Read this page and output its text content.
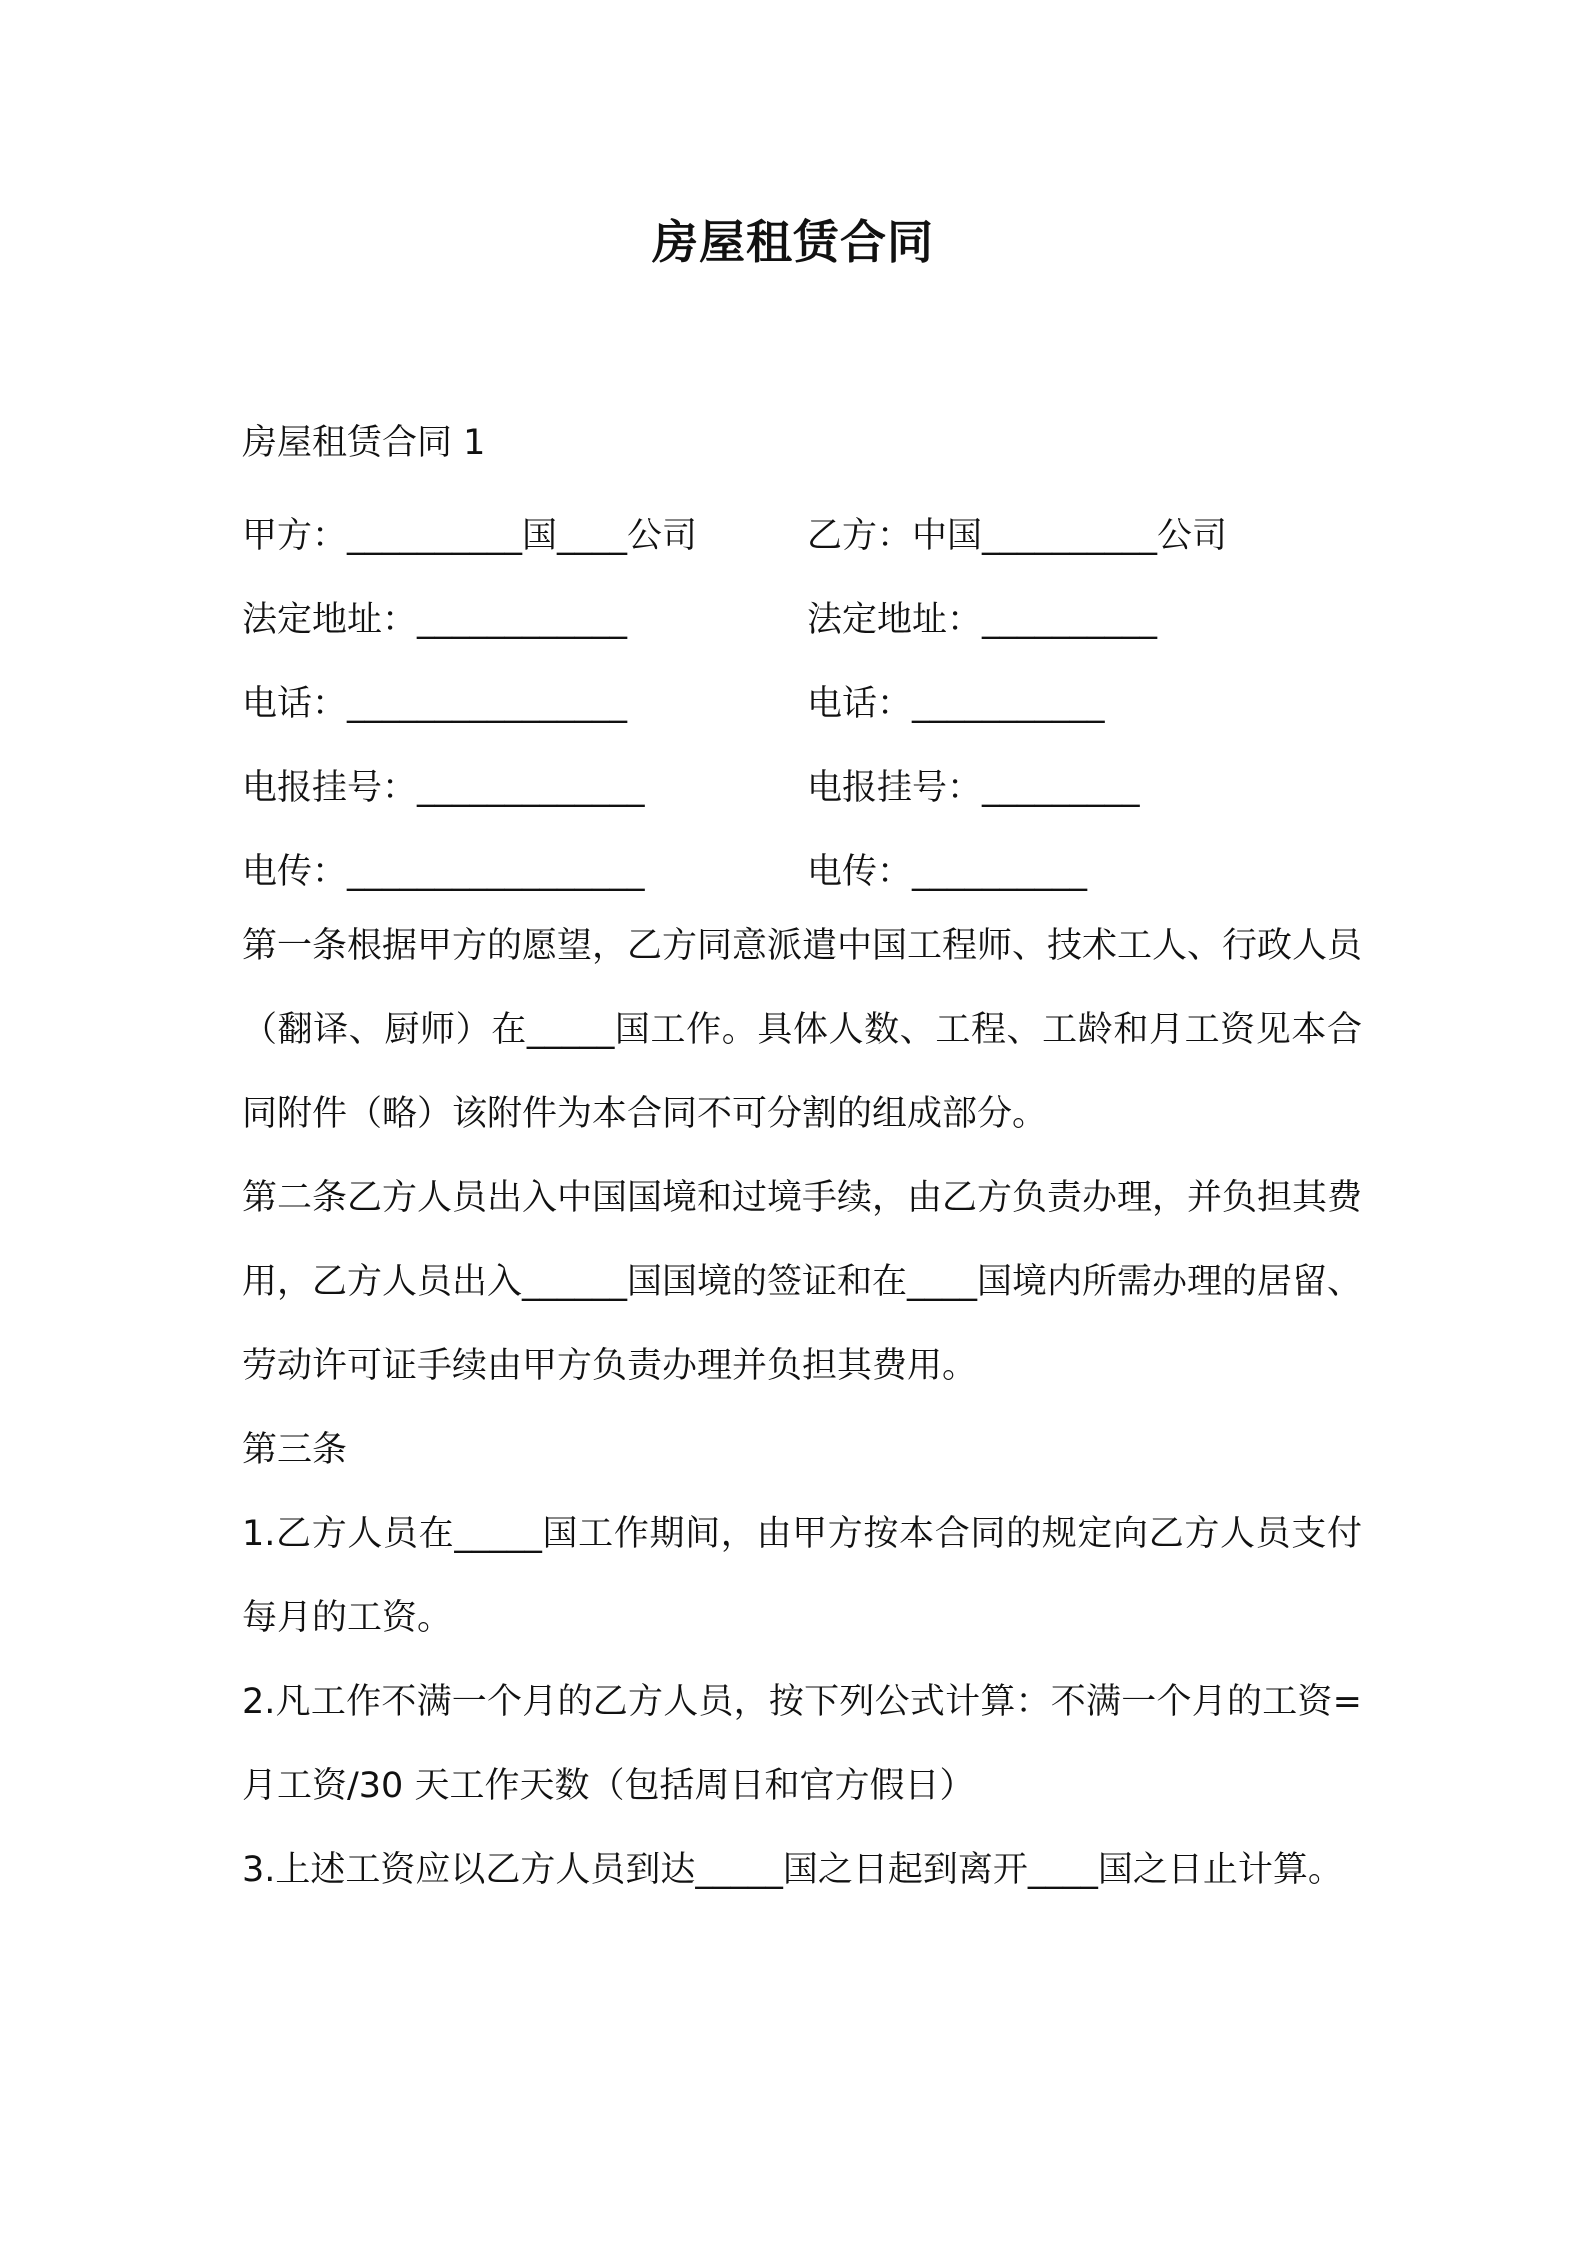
房屋租赁合同
房屋租赁合同 1
甲方：__________国____公司	乙方：中国__________公司
法定地址：____________	法定地址：__________
电话：________________	电话：___________
电报挂号：_____________	电报挂号：_________
电传：_________________	电传：__________

第一条根据甲方的愿望，乙方同意派遣中国工程师、技术工人、行政人员（翻译、厨师）在_____国工作。具体人数、工程、工龄和月工资见本合同附件（略）该附件为本合同不可分割的组成部分。

第二条乙方人员出入中国国境和过境手续，由乙方负责办理，并负担其费用，乙方人员出入______国国境的签证和在____国境内所需办理的居留、劳动许可证手续由甲方负责办理并负担其费用。

第三条

1.乙方人员在_____国工作期间，由甲方按本合同的规定向乙方人员支付每月的工资。

2.凡工作不满一个月的乙方人员，按下列公式计算：不满一个月的工资=月工资/30 天工作天数（包括周日和官方假日）

3.上述工资应以乙方人员到达_____国之日起到离开____国之日止计算。
